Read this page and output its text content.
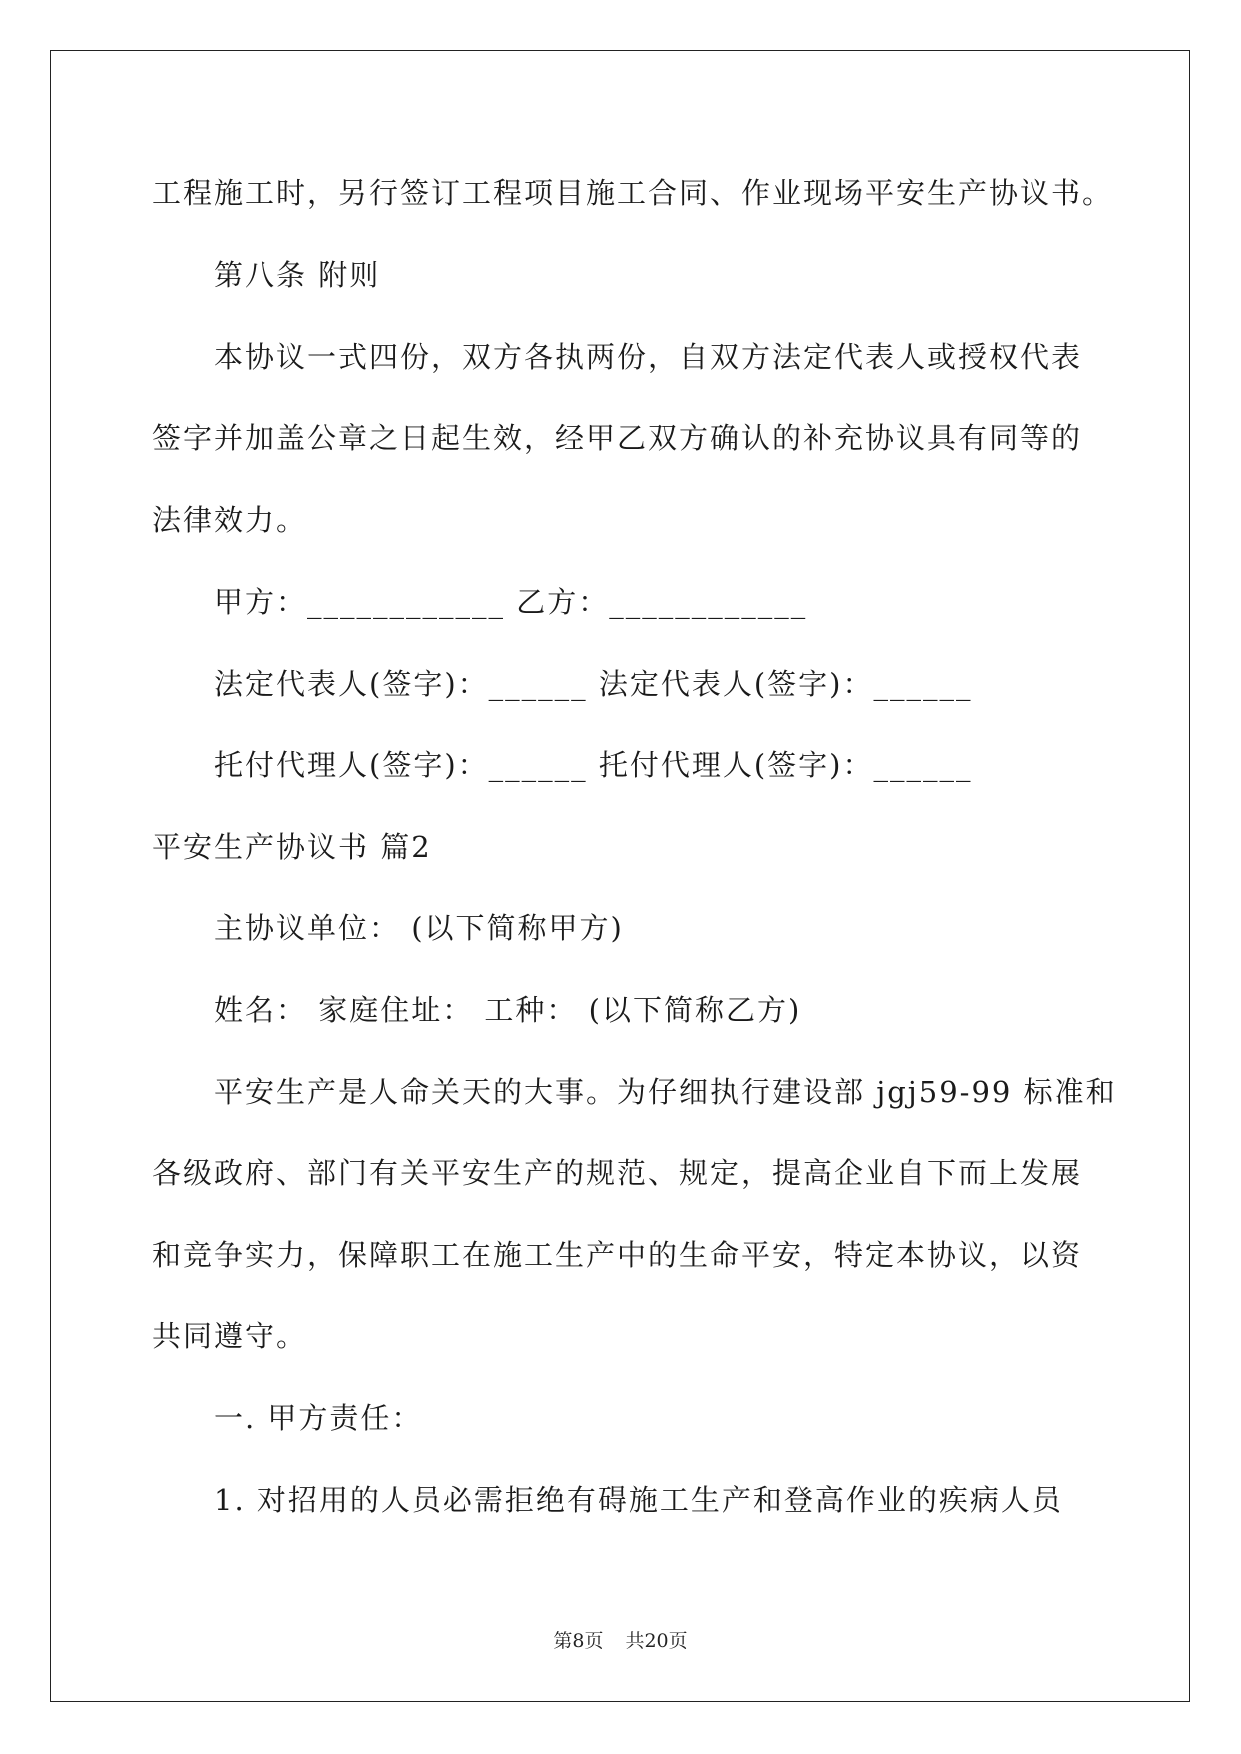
工程施工时，另行签订工程项目施工合同、作业现场平安生产协议书。
第八条 附则
本协议一式四份，双方各执两份，自双方法定代表人或授权代表
签字并加盖公章之日起生效，经甲乙双方确认的补充协议具有同等的
法律效力。
甲方：____________ 乙方：____________
法定代表人(签字)：______ 法定代表人(签字)：______
托付代理人(签字)：______ 托付代理人(签字)：______
平安生产协议书 篇2
主协议单位： (以下简称甲方)
姓名： 家庭住址： 工种： (以下简称乙方)
平安生产是人命关天的大事。为仔细执行建设部 jgj59-99 标准和
各级政府、部门有关平安生产的规范、规定，提高企业自下而上发展
和竞争实力，保障职工在施工生产中的生命平安，特定本协议，以资
共同遵守。
一. 甲方责任：
1. 对招用的人员必需拒绝有碍施工生产和登高作业的疾病人员
第8页 共20页
